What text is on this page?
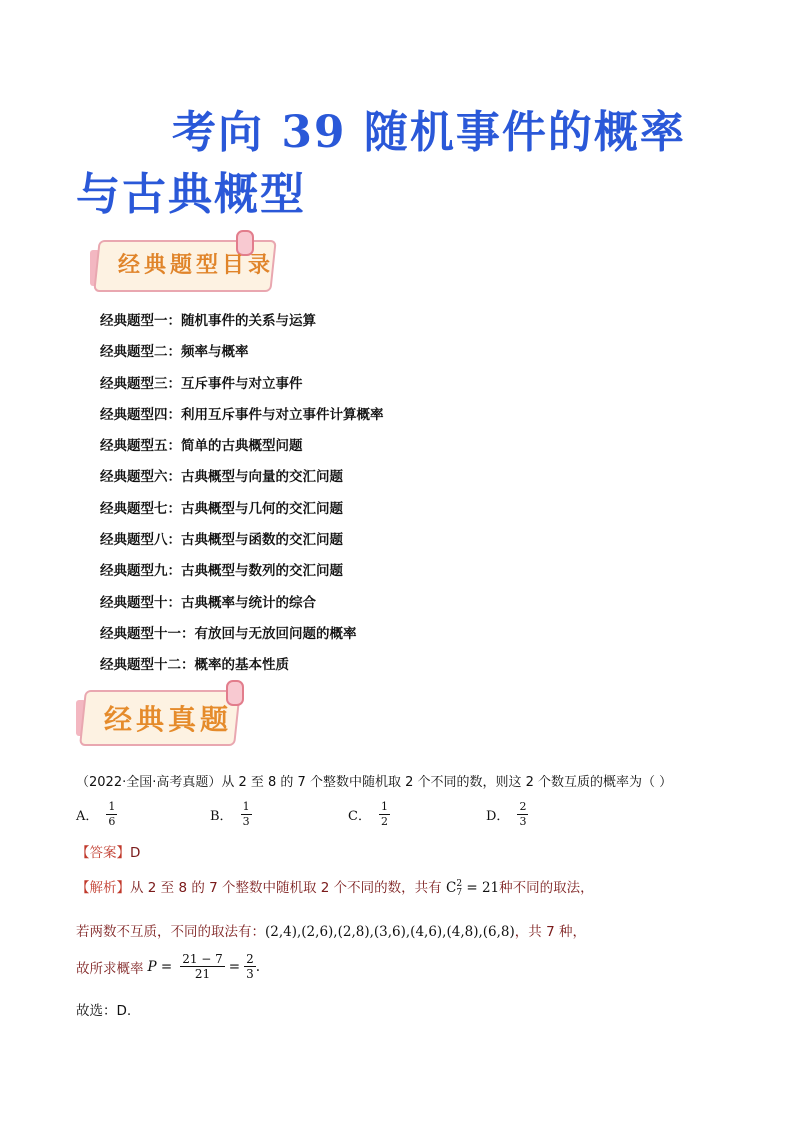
考向 39 随机事件的概率
与古典概型
经典题型目录
经典题型一：随机事件的关系与运算
经典题型二：频率与概率
经典题型三：互斥事件与对立事件
经典题型四：利用互斥事件与对立事件计算概率
经典题型五：简单的古典概型问题
经典题型六：古典概型与向量的交汇问题
经典题型七：古典概型与几何的交汇问题
经典题型八：古典概型与函数的交汇问题
经典题型九：古典概型与数列的交汇问题
经典题型十：古典概率与统计的综合
经典题型十一：有放回与无放回问题的概率
经典题型十二：概率的基本性质
经典真题
（2022·全国·高考真题）从 2 至 8 的 7 个整数中随机取 2 个不同的数，则这 2 个数互质的概率为（ ）
A． $\frac{1}{6}$	B． $\frac{1}{3}$	C． $\frac{1}{2}$	D． $\frac{2}{3}$
【答案】D
【解析】从 2 至 8 的 7 个整数中随机取 2 个不同的数，共有 C 2
7 = 21种不同的取法，
若两数不互质，不同的取法有：(2,4),(2,6),(2,8),(3,6),(4,6),(4,8),(6,8)，共 7 种，
故所求概率 $P = \frac{21 - 7}{21} = \frac{2}{3}$ .
故选：D.
